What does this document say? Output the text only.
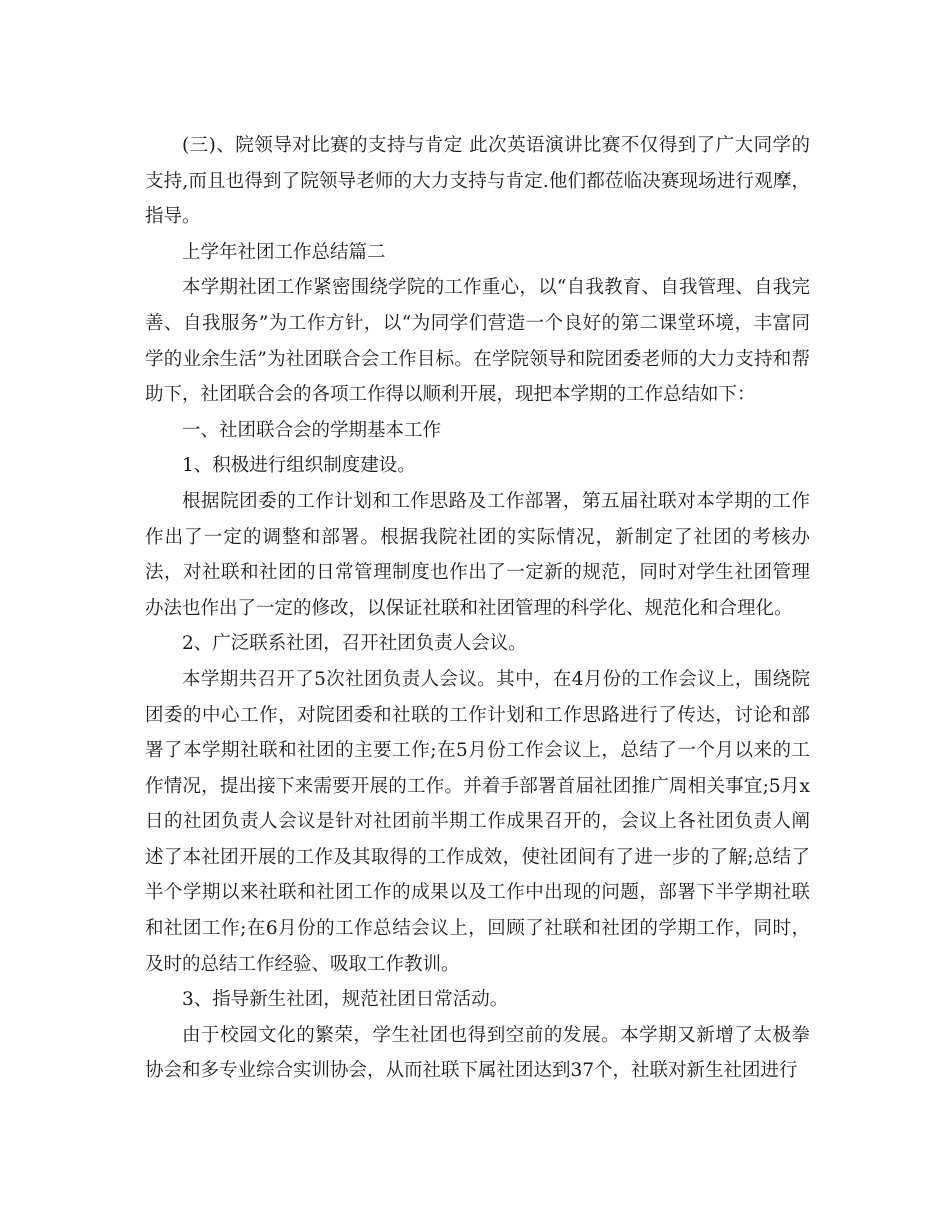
(三)、院领导对比赛的支持与肯定 此次英语演讲比赛不仅得到了广大同学的支持,而且也得到了院领导老师的大力支持与肯定.他们都莅临决赛现场进行观摩，指导。

上学年社团工作总结篇二

本学期社团工作紧密围绕学院的工作重心，以“自我教育、自我管理、自我完善、自我服务”为工作方针，以“为同学们营造一个良好的第二课堂环境，丰富同学的业余生活”为社团联合会工作目标。在学院领导和院团委老师的大力支持和帮助下，社团联合会的各项工作得以顺利开展，现把本学期的工作总结如下：

一、社团联合会的学期基本工作

1、积极进行组织制度建设。

根据院团委的工作计划和工作思路及工作部署，第五届社联对本学期的工作作出了一定的调整和部署。根据我院社团的实际情况，新制定了社团的考核办法，对社联和社团的日常管理制度也作出了一定新的规范，同时对学生社团管理办法也作出了一定的修改，以保证社联和社团管理的科学化、规范化和合理化。

2、广泛联系社团，召开社团负责人会议。

本学期共召开了5次社团负责人会议。其中，在4月份的工作会议上，围绕院团委的中心工作，对院团委和社联的工作计划和工作思路进行了传达，讨论和部署了本学期社联和社团的主要工作;在5月份工作会议上，总结了一个月以来的工作情况，提出接下来需要开展的工作。并着手部署首届社团推广周相关事宜;5月x日的社团负责人会议是针对社团前半期工作成果召开的，会议上各社团负责人阐述了本社团开展的工作及其取得的工作成效，使社团间有了进一步的了解;总结了半个学期以来社联和社团工作的成果以及工作中出现的问题，部署下半学期社联和社团工作;在6月份的工作总结会议上，回顾了社联和社团的学期工作，同时，及时的总结工作经验、吸取工作教训。

3、指导新生社团，规范社团日常活动。

由于校园文化的繁荣，学生社团也得到空前的发展。本学期又新增了太极拳协会和多专业综合实训协会，从而社联下属社团达到37个，社联对新生社团进行
